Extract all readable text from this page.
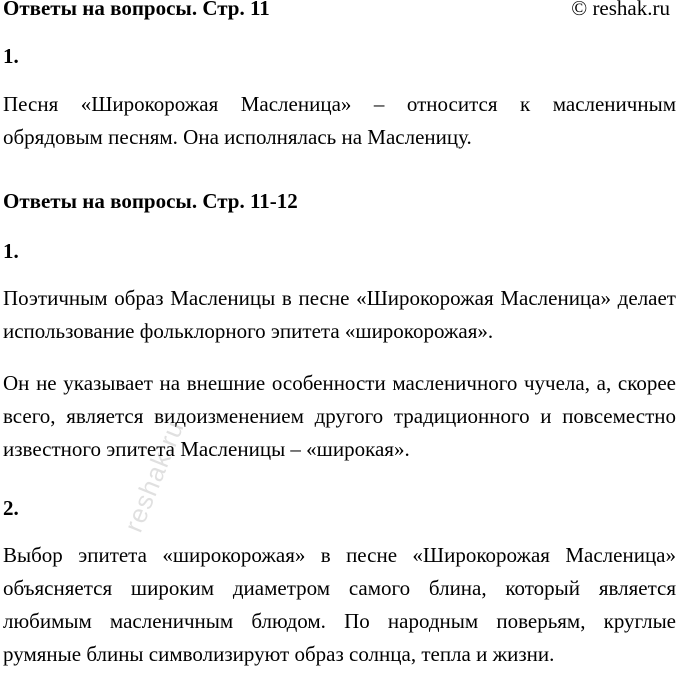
Ответы на вопросы. Стр. 11	© reshak.ru
1.
Песня «Широкорожая Масленица» – относится к масленичным обрядовым песням. Она исполнялась на Масленицу.
Ответы на вопросы. Стр. 11-12
1.
Поэтичным образ Масленицы в песне «Широкорожая Масленица» делает использование фольклорного эпитета «широкорожая».
Он не указывает на внешние особенности масленичного чучела, а, скорее всего, является видоизменением другого традиционного и повсеместно известного эпитета Масленицы – «широкая».
2.
Выбор эпитета «широкорожая» в песне «Широкорожая Масленица» объясняется широким диаметром самого блина, который является любимым масленичным блюдом. По народным поверьям, круглые румяные блины символизируют образ солнца, тепла и жизни.
reshak.ru
